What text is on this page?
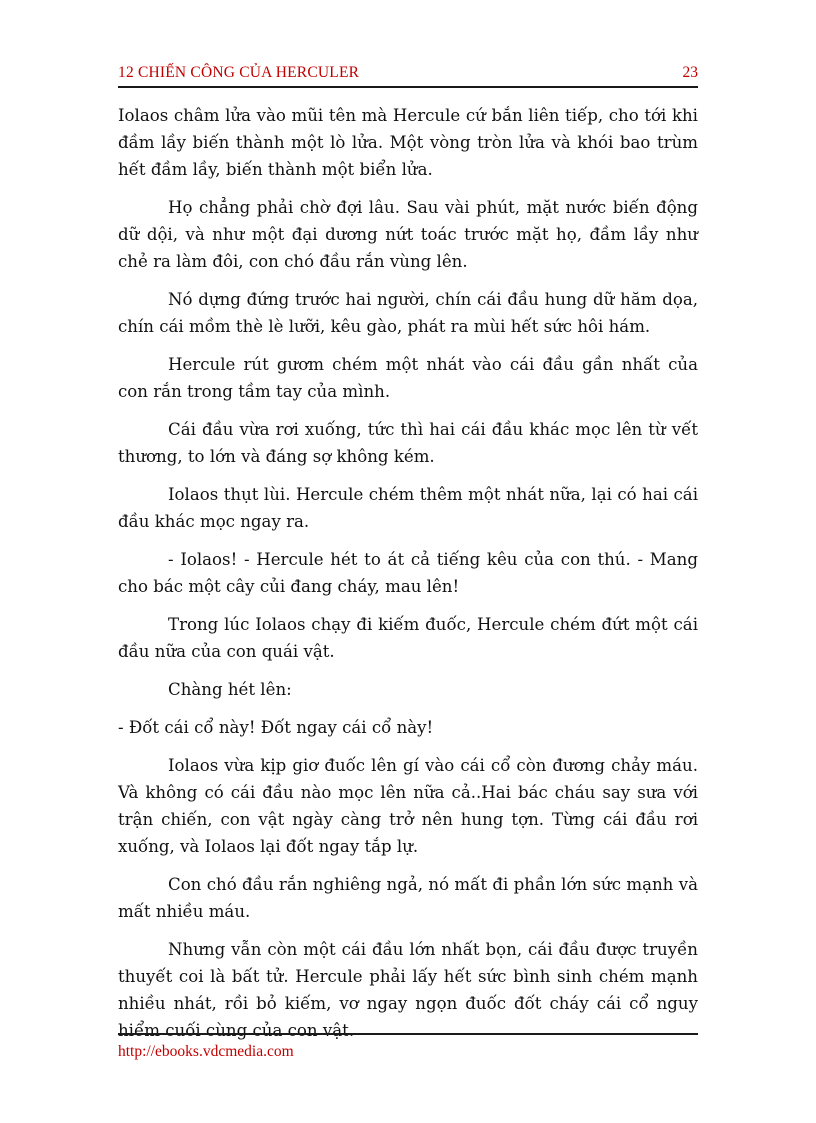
12 CHIẾN CÔNG CỦA HERCULER	23

Iolaos châm lửa vào mũi tên mà Hercule cứ bắn liên tiếp, cho tới khi đầm lầy biến thành một lò lửa. Một vòng tròn lửa và khói bao trùm hết đầm lầy, biến thành một biển lửa.

Họ chẳng phải chờ đợi lâu. Sau vài phút, mặt nước biến động dữ dội, và như một đại dương nứt toác trước mặt họ, đầm lầy như chẻ ra làm đôi, con chó đầu rắn vùng lên.

Nó dựng đứng trước hai người, chín cái đầu hung dữ hăm dọa, chín cái mồm thè lè lưỡi, kêu gào, phát ra mùi hết sức hôi hám.

Hercule rút gươm chém một nhát vào cái đầu gần nhất của con rắn trong tầm tay của mình.

Cái đầu vừa rơi xuống, tức thì hai cái đầu khác mọc lên từ vết thương, to lớn và đáng sợ không kém.

Iolaos thụt lùi. Hercule chém thêm một nhát nữa, lại có hai cái đầu khác mọc ngay ra.

- Iolaos! - Hercule hét to át cả tiếng kêu của con thú. - Mang cho bác một cây củi đang cháy, mau lên!

Trong lúc Iolaos chạy đi kiếm đuốc, Hercule chém đứt một cái đầu nữa của con quái vật.

Chàng hét lên:

- Đốt cái cổ này! Đốt ngay cái cổ này!

Iolaos vừa kịp giơ đuốc lên gí vào cái cổ còn đương chảy máu. Và không có cái đầu nào mọc lên nữa cả..Hai bác cháu say sưa với trận chiến, con vật ngày càng trở nên hung tợn. Từng cái đầu rơi xuống, và Iolaos lại đốt ngay tắp lự.

Con chó đầu rắn nghiêng ngả, nó mất đi phần lớn sức mạnh và mất nhiều máu.

Nhưng vẫn còn một cái đầu lớn nhất bọn, cái đầu được truyền thuyết coi là bất tử. Hercule phải lấy hết sức bình sinh chém mạnh nhiều nhát, rồi bỏ kiếm, vơ ngay ngọn đuốc đốt cháy cái cổ nguy hiểm cuối cùng của con vật.

http://ebooks.vdcmedia.com
